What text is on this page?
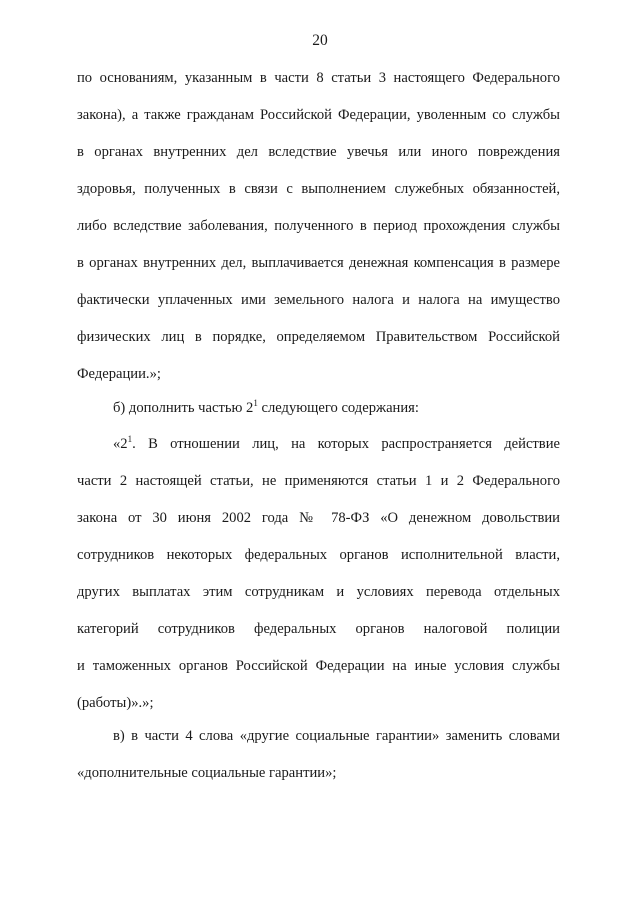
20
по основаниям, указанным в части 8 статьи 3 настоящего Федерального
закона), а также гражданам Российской Федерации, уволенным со службы
в органах внутренних дел вследствие увечья или иного повреждения
здоровья, полученных в связи с выполнением служебных обязанностей,
либо вследствие заболевания, полученного в период прохождения службы
в органах внутренних дел, выплачивается денежная компенсация в размере
фактически уплаченных ими земельного налога и налога на имущество
физических лиц в порядке, определяемом Правительством Российской
Федерации.»;
б) дополнить частью $2^1$ следующего содержания:
«$2^1$. В отношении лиц, на которых распространяется действие
части 2 настоящей статьи, не применяются статьи 1 и 2 Федерального
закона от 30 июня 2002 года № 78-ФЗ «О денежном довольствии
сотрудников некоторых федеральных органов исполнительной власти,
других выплатах этим сотрудникам и условиях перевода отдельных
категорий сотрудников федеральных органов налоговой полиции
и таможенных органов Российской Федерации на иные условия службы
(работы)».»;
в) в части 4 слова «другие социальные гарантии» заменить словами
«дополнительные социальные гарантии»;
